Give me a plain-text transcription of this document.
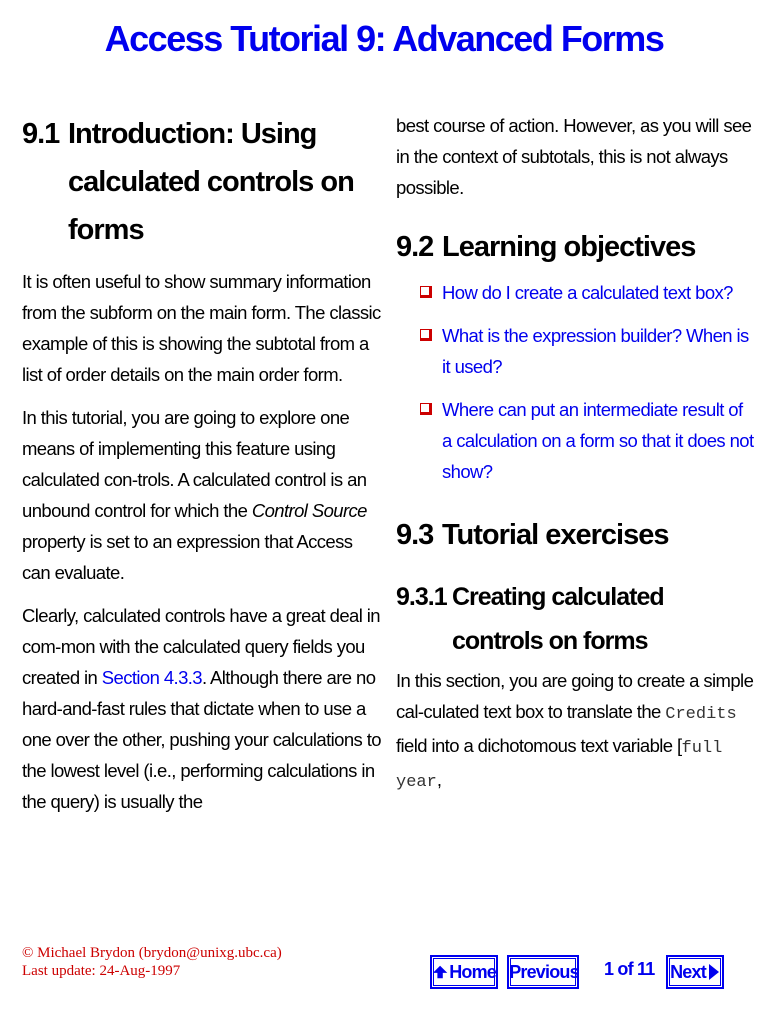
Access Tutorial 9: Advanced Forms
9.1 Introduction: Using calculated controls on forms

It is often useful to show summary information from the subform on the main form. The classic example of this is showing the subtotal from a list of order details on the main order form.

In this tutorial, you are going to explore one means of implementing this feature using calculated con-trols. A calculated control is an unbound control for which the Control Source property is set to an expression that Access can evaluate.

Clearly, calculated controls have a great deal in com-mon with the calculated query fields you created in Section 4.3.3. Although there are no hard-and-fast rules that dictate when to use a one over the other, pushing your calculations to the lowest level (i.e., performing calculations in the query) is usually the

best course of action. However, as you will see in the context of subtotals, this is not always possible.

9.2 Learning objectives
How do I create a calculated text box?
What is the expression builder? When is it used?
Where can put an intermediate result of a calculation on a form so that it does not show?
9.3 Tutorial exercises
9.3.1 Creating calculated controls on forms

In this section, you are going to create a simple cal-culated text box to translate the Credits field into a dichotomous text variable [full year,

© Michael Brydon (brydon@unixg.ubc.ca)
Last update: 24-Aug-1997	Home Previous 1 of 11 Next
